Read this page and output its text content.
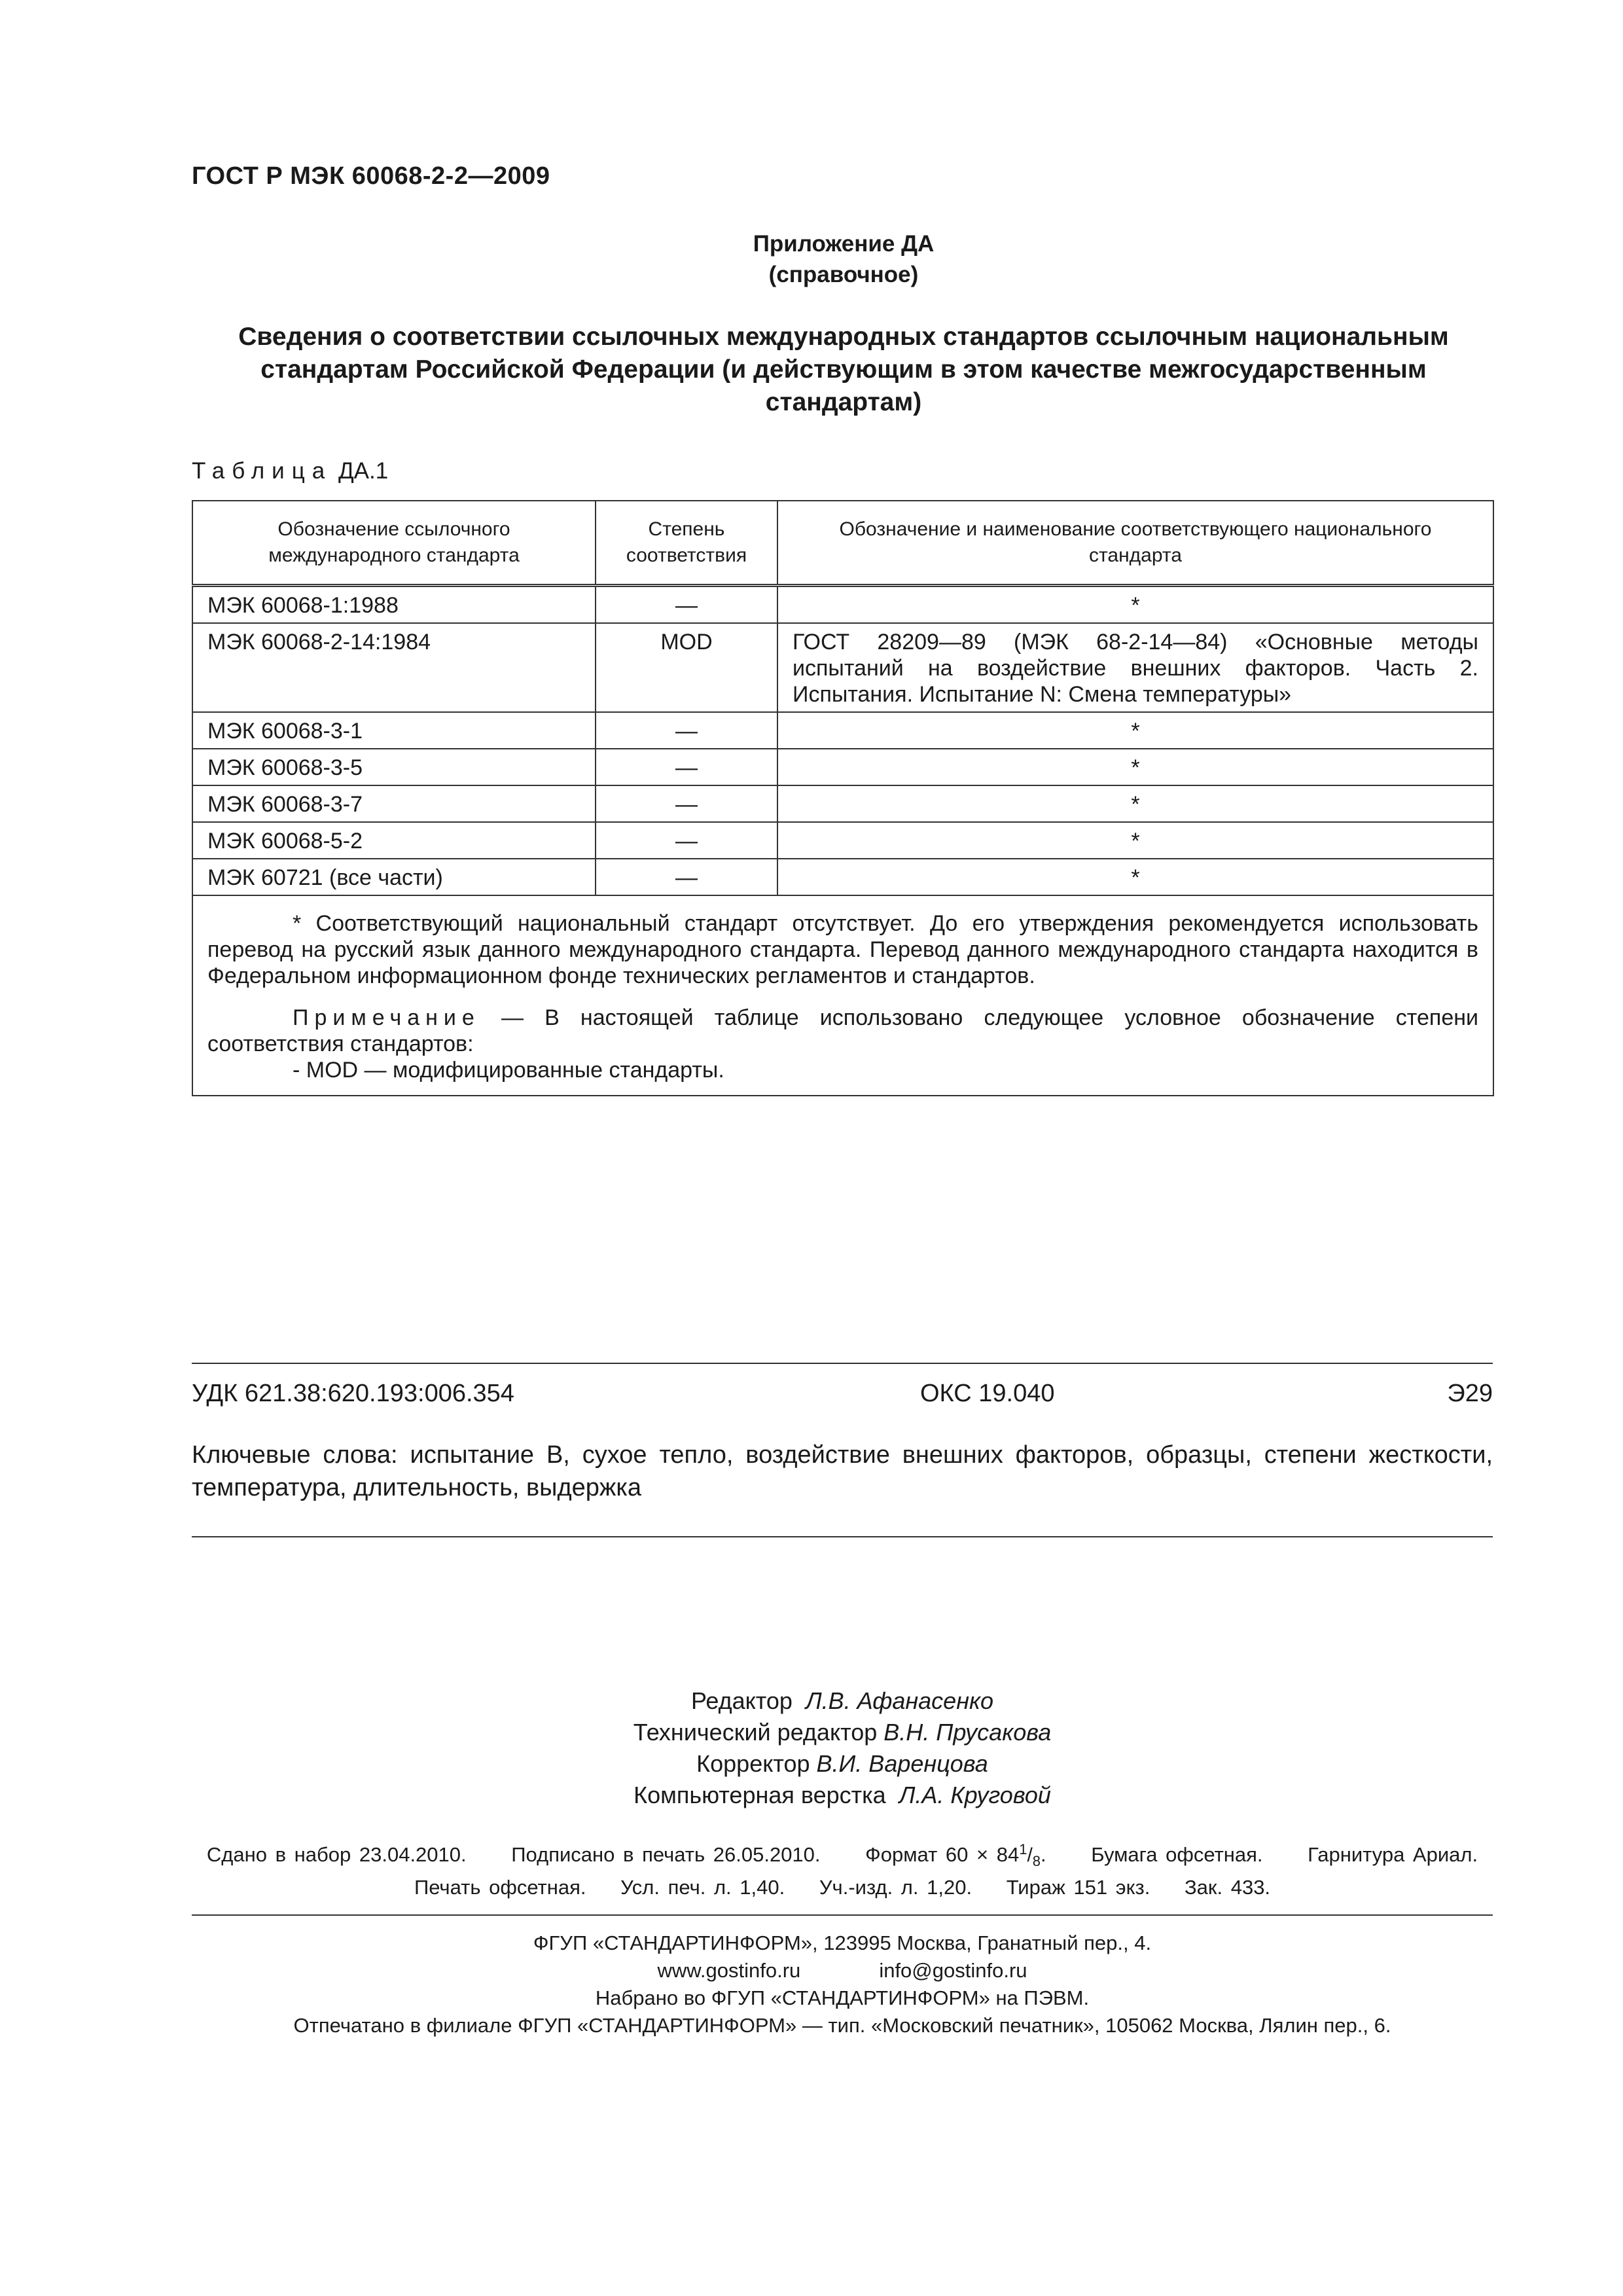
ГОСТ Р МЭК 60068-2-2—2009
Приложение ДА
(справочное)
Сведения о соответствии ссылочных международных стандартов ссылочным национальным
стандартам Российской Федерации (и действующим в этом качестве межгосударственным
стандартам)
Таблица ДА.1
Обозначение ссылочного международного стандарта	Степень соответствия	Обозначение и наименование соответствующего национального стандарта
МЭК 60068-1:1988	—	*
МЭК 60068-2-14:1984	MOD	ГОСТ 28209—89 (МЭК 68-2-14—84) «Основные методы испытаний на воздействие внешних факторов. Часть 2. Испытания. Испытание N: Смена температуры»
МЭК 60068-3-1	—	*
МЭК 60068-3-5	—	*
МЭК 60068-3-7	—	*
МЭК 60068-5-2	—	*
МЭК 60721 (все части)	—	*

* Соответствующий национальный стандарт отсутствует. До его утверждения рекомендуется использовать перевод на русский язык данного международного стандарта. Перевод данного международного стандарта находится в Федеральном информационном фонде технических регламентов и стандартов.

Примечание — В настоящей таблице использовано следующее условное обозначение степени соответствия стандартов:

- MOD — модифицированные стандарты.		

УДК 621.38:620.193:006.354	ОКС 19.040	Э29
Ключевые слова: испытание В, сухое тепло, воздействие внешних факторов, образцы, степени жесткости, температура, длительность, выдержка
Редактор Л.В. Афанасенко
Технический редактор В.Н. Прусакова
Корректор В.И. Варенцова
Компьютерная верстка Л.А. Круговой
Сдано в набор 23.04.2010. Подписано в печать 26.05.2010. Формат $60 \times 84^1/_8$. Бумага офсетная. Гарнитура Ариал.
Печать офсетная. Усл. печ. л. 1,40. Уч.-изд. л. 1,20. Тираж 151 экз. Зак. 433.
ФГУП «СТАНДАРТИНФОРМ», 123995 Москва, Гранатный пер., 4.
www.gostinfo.ru	info@gostinfo.ru
Набрано во ФГУП «СТАНДАРТИНФОРМ» на ПЭВМ.
Отпечатано в филиале ФГУП «СТАНДАРТИНФОРМ» — тип. «Московский печатник», 105062 Москва, Лялин пер., 6.
